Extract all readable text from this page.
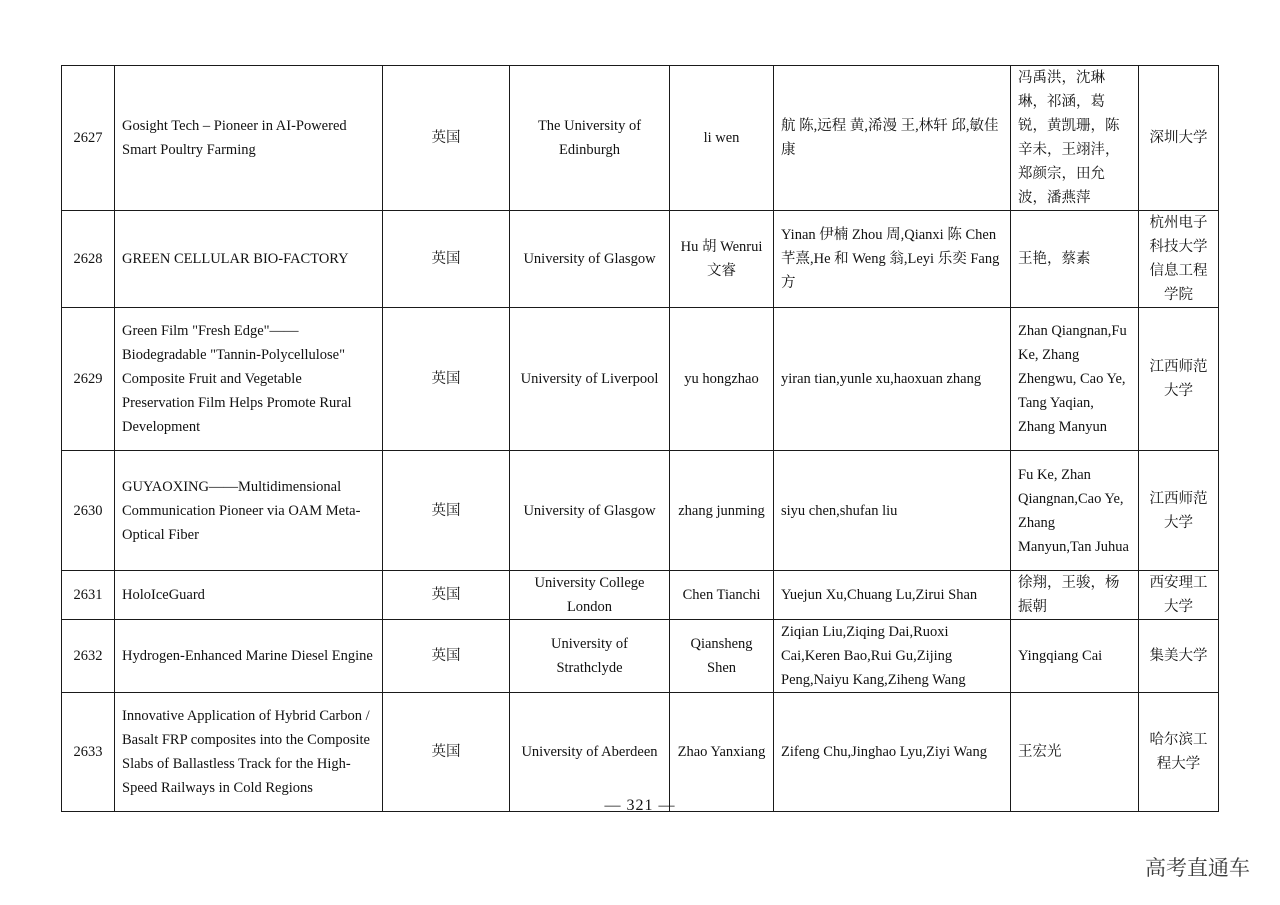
2627	Gosight Tech – Pioneer in AI-Powered Smart Poultry Farming	英国	The University of Edinburgh	li wen	航 陈,远程 黄,浠漫 王,林轩 邱,敏佳 康	冯禹洪，沈琳琳，祁涵，葛锐，黄凯珊，陈辛未，王翊沣，郑颜宗，田允波，潘燕萍	深圳大学
2628	GREEN CELLULAR BIO-FACTORY	英国	University of Glasgow	Hu 胡 Wenrui 文睿	Yinan 伊楠 Zhou 周,Qianxi 陈 Chen 芊熹,He 和 Weng 翁,Leyi 乐奕 Fang 方	王艳，蔡素	杭州电子科技大学信息工程学院
2629	Green Film "Fresh Edge"——Biodegradable "Tannin-Polycellulose" Composite Fruit and Vegetable Preservation Film Helps Promote Rural Development	英国	University of Liverpool	yu hongzhao	yiran tian,yunle xu,haoxuan zhang	Zhan Qiangnan,Fu Ke, Zhang Zhengwu, Cao Ye, Tang Yaqian, Zhang Manyun	江西师范大学
2630	GUYAOXING——Multidimensional Communication Pioneer via OAM Meta-Optical Fiber	英国	University of Glasgow	zhang junming	siyu chen,shufan liu	Fu Ke, Zhan Qiangnan,Cao Ye, Zhang Manyun,Tan Juhua	江西师范大学
2631	HoloIceGuard	英国	University College London	Chen Tianchi	Yuejun Xu,Chuang Lu,Zirui Shan	徐翔，王骏，杨振朝	西安理工大学
2632	Hydrogen-Enhanced Marine Diesel Engine	英国	University of Strathclyde	Qiansheng Shen	Ziqian Liu,Ziqing Dai,Ruoxi Cai,Keren Bao,Rui Gu,Zijing Peng,Naiyu Kang,Ziheng Wang	Yingqiang Cai	集美大学
2633	Innovative Application of Hybrid Carbon / Basalt FRP composites into the Composite Slabs of Ballastless Track for the High-Speed Railways in Cold Regions	英国	University of Aberdeen	Zhao Yanxiang	Zifeng Chu,Jinghao Lyu,Ziyi Wang	王宏光	哈尔滨工程大学
— 321 —
高考直通车
